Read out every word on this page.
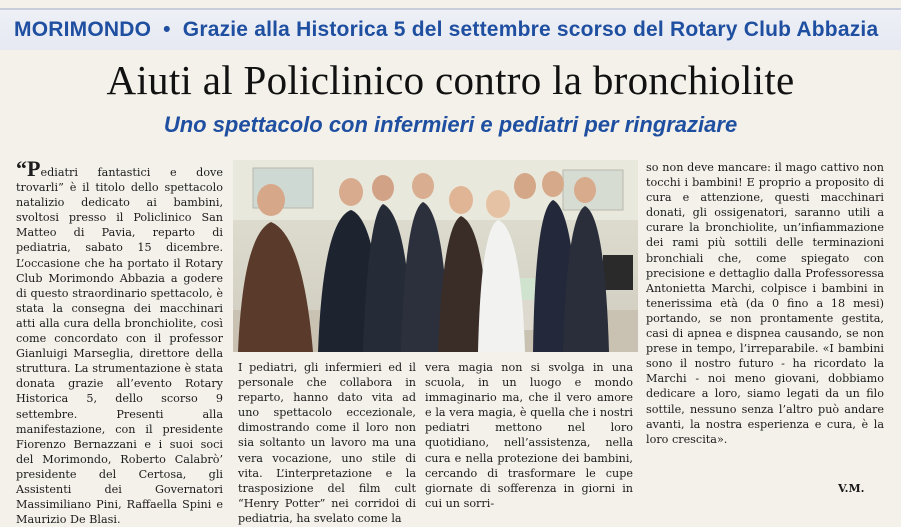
MORIMONDO • Grazie alla Historica 5 del settembre scorso del Rotary Club Abbazia
Aiuti al Policlinico contro la bronchiolite
Uno spettacolo con infermieri e pediatri per ringraziare

“Pediatri fantastici e dove trovarli” è il titolo dello spettacolo natalizio dedicato ai bambini, svoltosi presso il Policlinico San Matteo di Pavia, reparto di pediatria, sabato 15 dicembre. L’occasione che ha portato il Rotary Club Morimondo Abbazia a godere di questo straordinario spettacolo, è stata la consegna dei macchinari atti alla cura della bronchiolite, così come concordato con il professor Gianluigi Marseglia, direttore della struttura. La strumentazione è stata donata grazie all’evento Rotary Historica 5, dello scorso 9 settembre. Presenti alla manifestazione, con il presidente Fiorenzo Bernazzani e i suoi soci del Morimondo, Roberto Calabrò’ presidente del Certosa, gli Assistenti dei Governatori Massimiliano Pini, Raffaella Spini e Maurizio De Blasi.

I pediatri, gli infermieri ed il personale che collabora in reparto, hanno dato vita ad uno spettacolo eccezionale, dimostrando come il loro non sia soltanto un lavoro ma una vera vocazione, uno stile di vita. L’interpretazione e la trasposizione del film cult “Henry Potter” nei corridoi di pediatria, ha svelato come la

vera magia non si svolga in una scuola, in un luogo e mondo immaginario ma, che il vero amore e la vera magia, è quella che i nostri pediatri mettono nel loro quotidiano, nell’assistenza, nella cura e nella protezione dei bambini, cercando di trasformare le cupe giornate di sofferenza in giorni in cui un sorri-

so non deve mancare: il mago cattivo non tocchi i bambini! E proprio a proposito di cura e attenzione, questi macchinari donati, gli ossigenatori, saranno utili a curare la bronchiolite, un’infiammazione dei rami più sottili delle terminazioni bronchiali che, come spiegato con precisione e dettaglio dalla Professoressa Antonietta Marchi, colpisce i bambini in tenerissima età (da 0 fino a 18 mesi) portando, se non prontamente gestita, casi di apnea e dispnea causando, se non prese in tempo, l’irreparabile. «I bambini sono il nostro futuro - ha ricordato la Marchi - noi meno giovani, dobbiamo dedicare a loro, siamo legati da un filo sottile, nessuno senza l’altro può andare avanti, la nostra esperienza e cura, è la loro crescita».

V.M.
